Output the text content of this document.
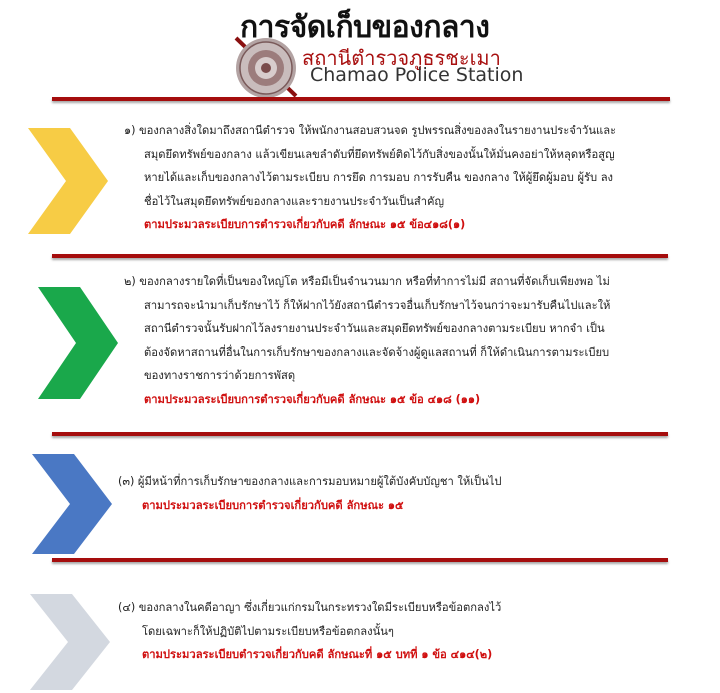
การจัดเก็บของกลาง
สถานีตำรวจภูธรชะเมา
Chamao Police Station
๑) ของกลางสิ่งใดมาถึงสถานีตำรวจ ให้พนักงานสอบสวนจด รูปพรรณสิ่งของลงในรายงานประจำวันและ
สมุดยึดทรัพย์ของกลาง แล้วเขียนเลขลำดับที่ยึดทรัพย์ติดไว้กับสิ่งของนั้นให้มั่นคงอย่าให้หลุดหรือสูญ
หายได้และเก็บของกลางไว้ตามระเบียบ การยึด การมอบ การรับคืน ของกลาง ให้ผู้ยึดผู้มอบ ผู้รับ ลง
ชื่อไว้ในสมุดยึดทรัพย์ของกลางและรายงานประจำวันเป็นสำคัญ
ตามประมวลระเบียบการตำรวจเกี่ยวกับคดี ลักษณะ ๑๕ ข้อ๔๑๘(๑)
๒) ของกลางรายใดที่เป็นของใหญ่โต หรือมีเป็นจำนวนมาก หรือที่ทำการไม่มี สถานที่จัดเก็บเพียงพอ ไม่
สามารถจะนำมาเก็บรักษาไว้ ก็ให้ฝากไว้ยังสถานีตำรวจอื่นเก็บรักษาไว้จนกว่าจะมารับคืนไปและให้
สถานีตำรวจนั้นรับฝากไว้ลงรายงานประจำวันและสมุดยึดทรัพย์ของกลางตามระเบียบ หากจำ เป็น
ต้องจัดหาสถานที่อื่นในการเก็บรักษาของกลางและจัดจ้างผู้ดูแลสถานที่ ก็ให้ดำเนินการตามระเบียบ
ของทางราชการว่าด้วยการพัสดุ
ตามประมวลระเบียบการตำรวจเกี่ยวกับคดี ลักษณะ ๑๕ ข้อ ๔๑๘ (๑๑)
(๓) ผู้มีหน้าที่การเก็บรักษาของกลางและการมอบหมายผู้ใต้บังคับบัญชา ให้เป็นไป
ตามประมวลระเบียบการตำรวจเกี่ยวกับคดี ลักษณะ ๑๕
(๔) ของกลางในคดีอาญา ซึ่งเกี่ยวแก่กรมในกระทรวงใดมีระเบียบหรือข้อตกลงไว้
โดยเฉพาะก็ให้ปฏิบัติไปตามระเบียบหรือข้อตกลงนั้นๆ
ตามประมวลระเบียบตำรวจเกี่ยวกับคดี ลักษณะที่ ๑๕ บทที่ ๑ ข้อ ๔๑๔(๒)
